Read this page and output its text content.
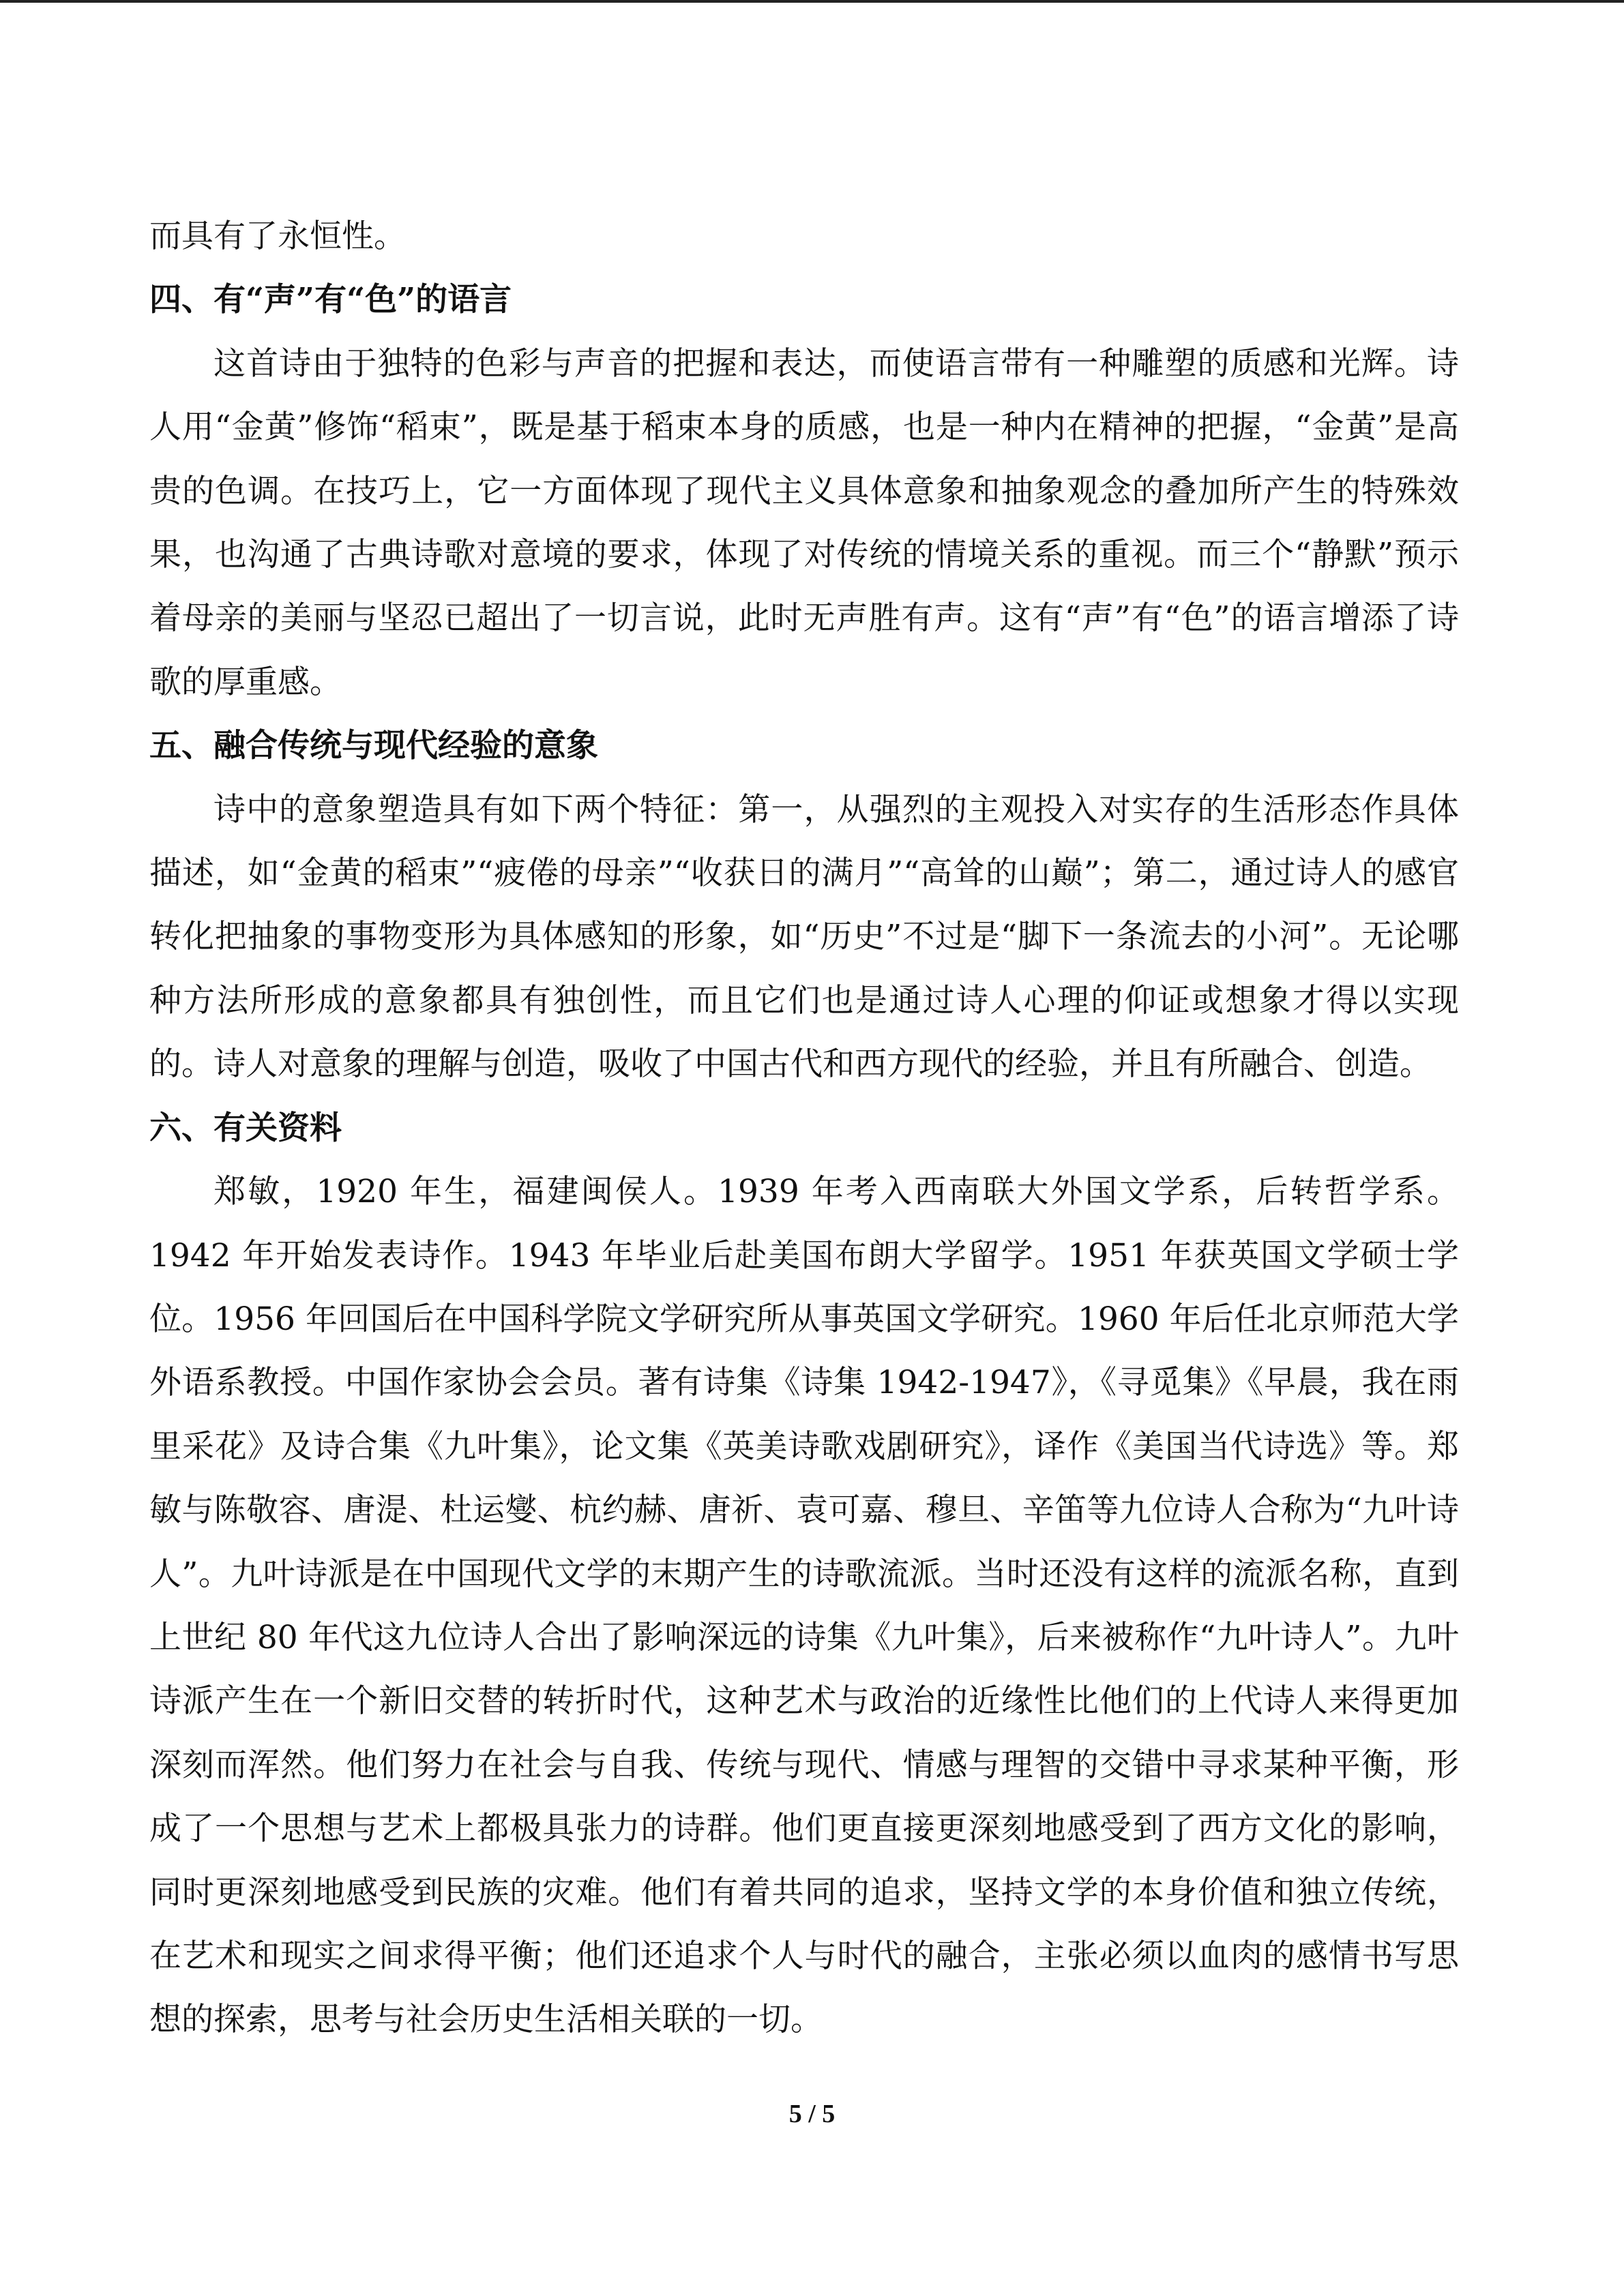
而具有了永恒性。

四、有“声”有“色”的语言

这首诗由于独特的色彩与声音的把握和表达，而使语言带有一种雕塑的质感和光辉。诗人用“金黄”修饰“稻束”，既是基于稻束本身的质感，也是一种内在精神的把握，“金黄”是高贵的色调。在技巧上，它一方面体现了现代主义具体意象和抽象观念的叠加所产生的特殊效果，也沟通了古典诗歌对意境的要求，体现了对传统的情境关系的重视。而三个“静默”预示着母亲的美丽与坚忍已超出了一切言说，此时无声胜有声。这有“声”有“色”的语言增添了诗歌的厚重感。

五、融合传统与现代经验的意象

诗中的意象塑造具有如下两个特征：第一，从强烈的主观投入对实存的生活形态作具体描述，如“金黄的稻束”“疲倦的母亲”“收获日的满月”“高耸的山巅”；第二，通过诗人的感官转化把抽象的事物变形为具体感知的形象，如“历史”不过是“脚下一条流去的小河”。无论哪种方法所形成的意象都具有独创性，而且它们也是通过诗人心理的仰证或想象才得以实现的。诗人对意象的理解与创造，吸收了中国古代和西方现代的经验，并且有所融合、创造。

六、有关资料

郑敏，1920 年生，福建闽侯人。1939 年考入西南联大外国文学系，后转哲学系。1942 年开始发表诗作。1943 年毕业后赴美国布朗大学留学。1951 年获英国文学硕士学位。1956 年回国后在中国科学院文学研究所从事英国文学研究。1960 年后任北京师范大学外语系教授。中国作家协会会员。著有诗集《诗集 1942-1947》，《寻觅集》《早晨，我在雨里采花》及诗合集《九叶集》，论文集《英美诗歌戏剧研究》，译作《美国当代诗选》等。郑敏与陈敬容、唐湜、杜运燮、杭约赫、唐祈、袁可嘉、穆旦、辛笛等九位诗人合称为“九叶诗人”。九叶诗派是在中国现代文学的末期产生的诗歌流派。当时还没有这样的流派名称，直到上世纪 80 年代这九位诗人合出了影响深远的诗集《九叶集》，后来被称作“九叶诗人”。九叶诗派产生在一个新旧交替的转折时代，这种艺术与政治的近缘性比他们的上代诗人来得更加深刻而浑然。他们努力在社会与自我、传统与现代、情感与理智的交错中寻求某种平衡，形成了一个思想与艺术上都极具张力的诗群。他们更直接更深刻地感受到了西方文化的影响，同时更深刻地感受到民族的灾难。他们有着共同的追求，坚持文学的本身价值和独立传统，在艺术和现实之间求得平衡；他们还追求个人与时代的融合，主张必须以血肉的感情书写思想的探索，思考与社会历史生活相关联的一切。

5 / 5
